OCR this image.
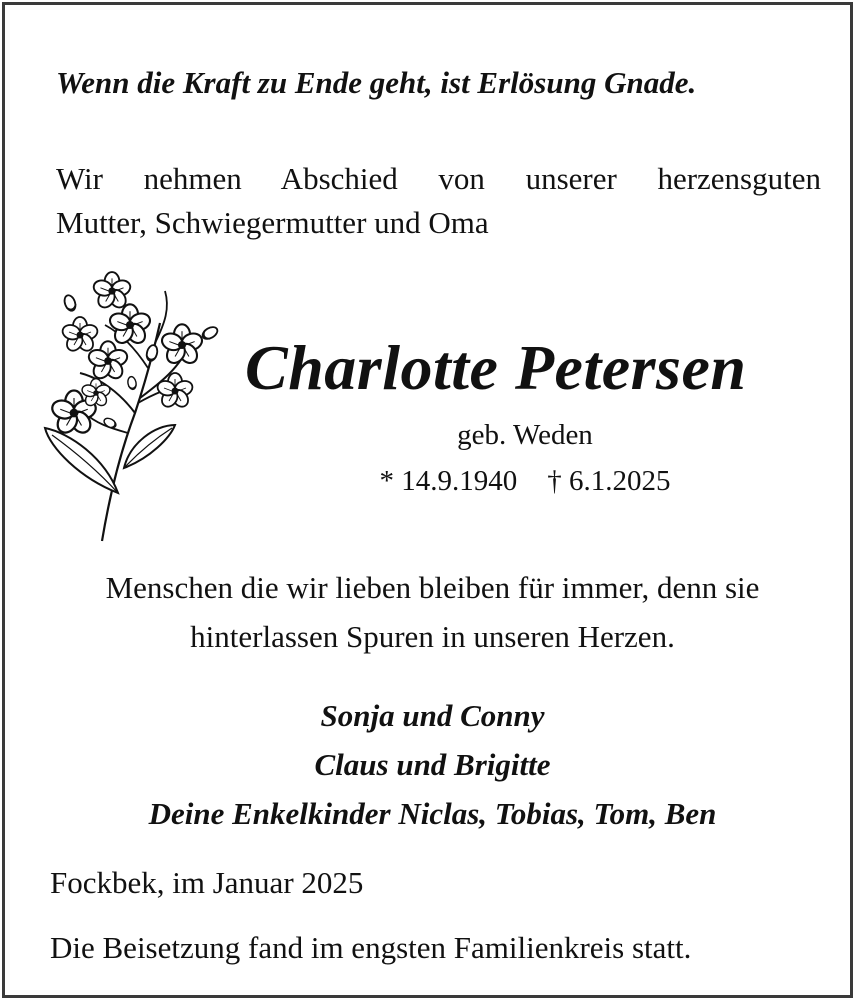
Wenn die Kraft zu Ende geht, ist Erlösung Gnade.
Wir nehmen Abschied von unserer herzensguten
Mutter, Schwiegermutter und Oma
Charlotte Petersen
geb. Weden
* 14.9.1940 † 6.1.2025
Menschen die wir lieben bleiben für immer, denn sie
hinterlassen Spuren in unseren Herzen.
Sonja und Conny
Claus und Brigitte
Deine Enkelkinder Niclas, Tobias, Tom, Ben
Fockbek, im Januar 2025
Die Beisetzung fand im engsten Familienkreis statt.
